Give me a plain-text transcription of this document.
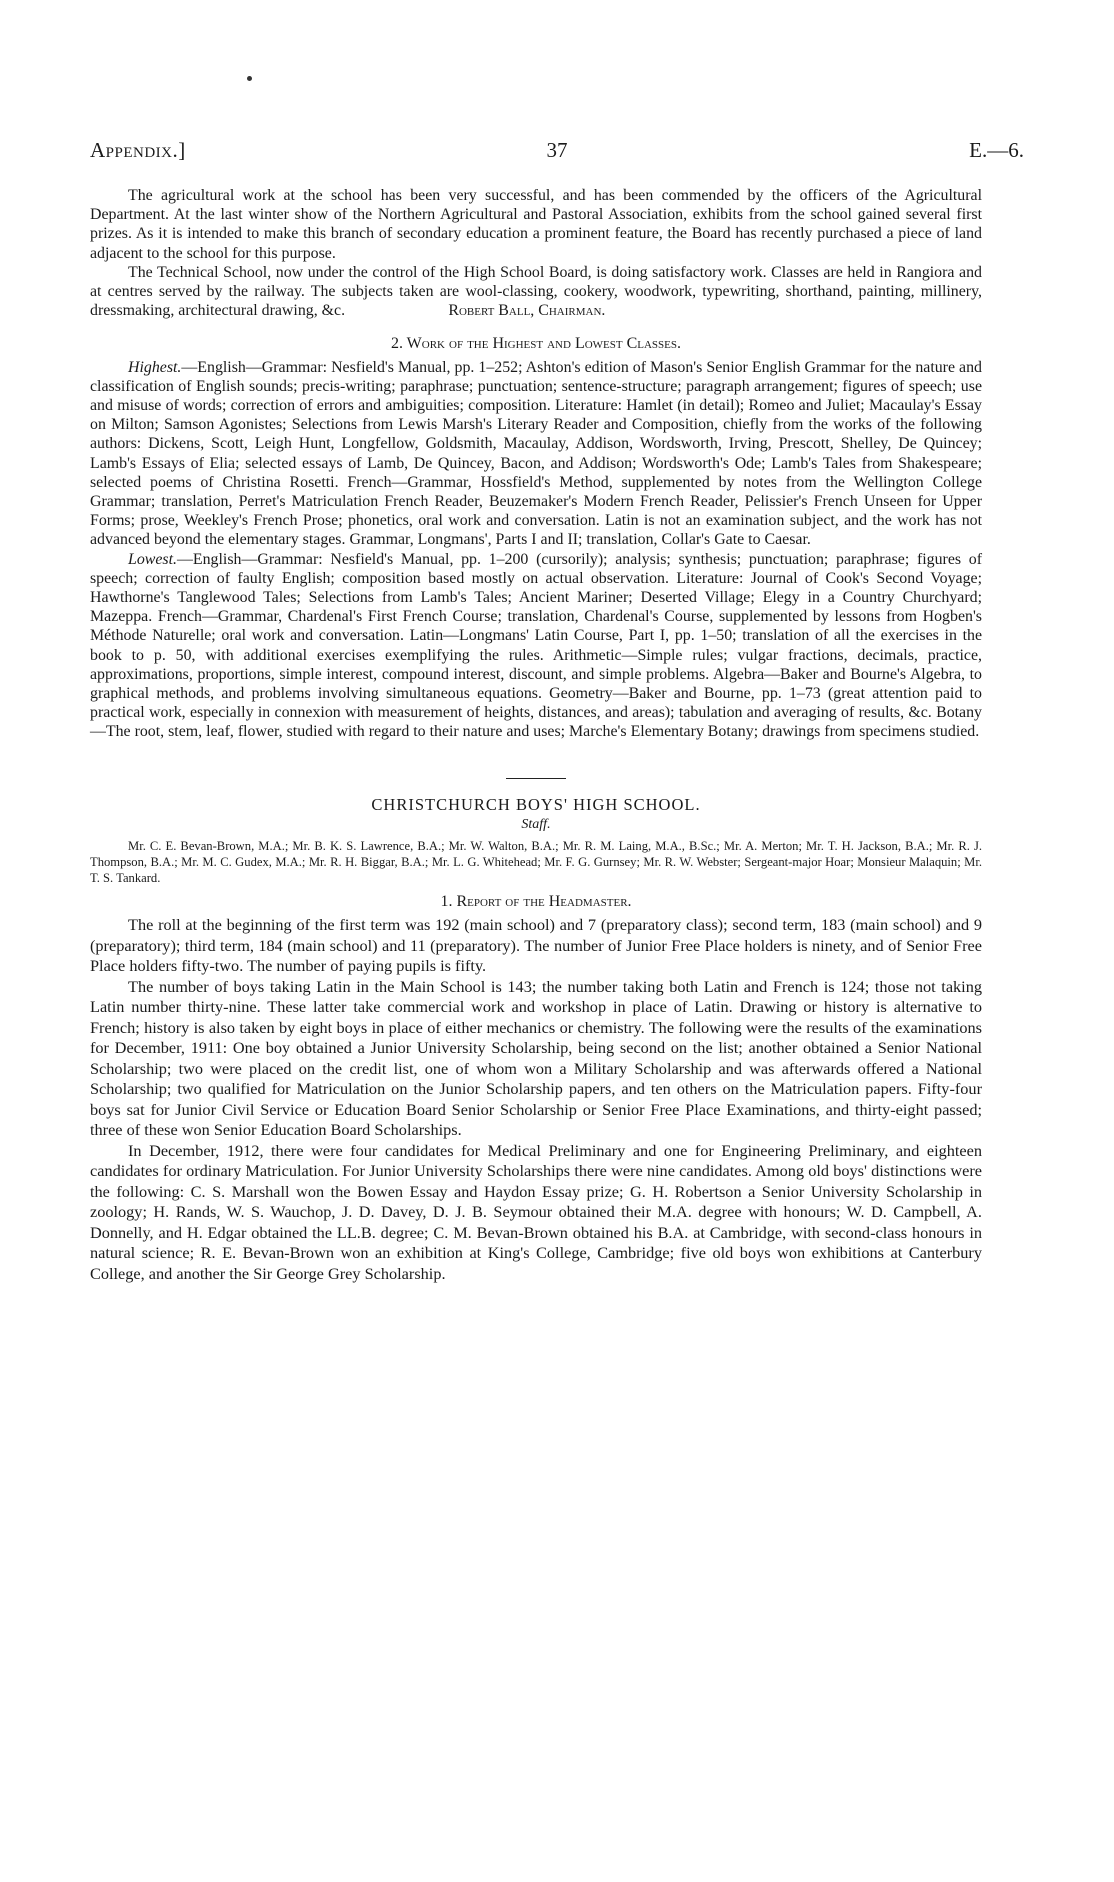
Appendix.]	37	E.—6.

The agricultural work at the school has been very successful, and has been commended by the officers of the Agricultural Department. At the last winter show of the Northern Agricultural and Pastoral Association, exhibits from the school gained several first prizes. As it is intended to make this branch of secondary education a prominent feature, the Board has recently purchased a piece of land adjacent to the school for this purpose.

The Technical School, now under the control of the High School Board, is doing satisfactory work. Classes are held in Rangiora and at centres served by the railway. The subjects taken are wool-classing, cookery, woodwork, typewriting, shorthand, painting, millinery, dressmaking, architectural drawing, &c.	Robert Ball, Chairman.

2. Work of the Highest and Lowest Classes.

Highest.—English—Grammar: Nesfield's Manual, pp. 1–252; Ashton's edition of Mason's Senior English Grammar for the nature and classification of English sounds; precis-writing; paraphrase; punctuation; sentence-structure; paragraph arrangement; figures of speech; use and misuse of words; correction of errors and ambiguities; composition. Literature: Hamlet (in detail); Romeo and Juliet; Macaulay's Essay on Milton; Samson Agonistes; Selections from Lewis Marsh's Literary Reader and Composition, chiefly from the works of the following authors: Dickens, Scott, Leigh Hunt, Longfellow, Goldsmith, Macaulay, Addison, Wordsworth, Irving, Prescott, Shelley, De Quincey; Lamb's Essays of Elia; selected essays of Lamb, De Quincey, Bacon, and Addison; Wordsworth's Ode; Lamb's Tales from Shakespeare; selected poems of Christina Rosetti. French—Grammar, Hossfield's Method, supplemented by notes from the Wellington College Grammar; translation, Perret's Matriculation French Reader, Beuzemaker's Modern French Reader, Pelissier's French Unseen for Upper Forms; prose, Weekley's French Prose; phonetics, oral work and conversation. Latin is not an examination subject, and the work has not advanced beyond the elementary stages. Grammar, Longmans', Parts I and II; translation, Collar's Gate to Caesar.

Lowest.—English—Grammar: Nesfield's Manual, pp. 1–200 (cursorily); analysis; synthesis; punctuation; paraphrase; figures of speech; correction of faulty English; composition based mostly on actual observation. Literature: Journal of Cook's Second Voyage; Hawthorne's Tanglewood Tales; Selections from Lamb's Tales; Ancient Mariner; Deserted Village; Elegy in a Country Churchyard; Mazeppa. French—Grammar, Chardenal's First French Course; translation, Chardenal's Course, supplemented by lessons from Hogben's Méthode Naturelle; oral work and conversation. Latin—Longmans' Latin Course, Part I, pp. 1–50; translation of all the exercises in the book to p. 50, with additional exercises exemplifying the rules. Arithmetic—Simple rules; vulgar fractions, decimals, practice, approximations, proportions, simple interest, compound interest, discount, and simple problems. Algebra—Baker and Bourne's Algebra, to graphical methods, and problems involving simultaneous equations. Geometry—Baker and Bourne, pp. 1–73 (great attention paid to practical work, especially in connexion with measurement of heights, distances, and areas); tabulation and averaging of results, &c. Botany—The root, stem, leaf, flower, studied with regard to their nature and uses; Marche's Elementary Botany; drawings from specimens studied.

CHRISTCHURCH BOYS' HIGH SCHOOL.
Staff.

Mr. C. E. Bevan-Brown, M.A.; Mr. B. K. S. Lawrence, B.A.; Mr. W. Walton, B.A.; Mr. R. M. Laing, M.A., B.Sc.; Mr. A. Merton; Mr. T. H. Jackson, B.A.; Mr. R. J. Thompson, B.A.; Mr. M. C. Gudex, M.A.; Mr. R. H. Biggar, B.A.; Mr. L. G. Whitehead; Mr. F. G. Gurnsey; Mr. R. W. Webster; Sergeant-major Hoar; Monsieur Malaquin; Mr. T. S. Tankard.

1. Report of the Headmaster.

The roll at the beginning of the first term was 192 (main school) and 7 (preparatory class); second term, 183 (main school) and 9 (preparatory); third term, 184 (main school) and 11 (preparatory). The number of Junior Free Place holders is ninety, and of Senior Free Place holders fifty-two. The number of paying pupils is fifty.

The number of boys taking Latin in the Main School is 143; the number taking both Latin and French is 124; those not taking Latin number thirty-nine. These latter take commercial work and workshop in place of Latin. Drawing or history is alternative to French; history is also taken by eight boys in place of either mechanics or chemistry. The following were the results of the examinations for December, 1911: One boy obtained a Junior University Scholarship, being second on the list; another obtained a Senior National Scholarship; two were placed on the credit list, one of whom won a Military Scholarship and was afterwards offered a National Scholarship; two qualified for Matriculation on the Junior Scholarship papers, and ten others on the Matriculation papers. Fifty-four boys sat for Junior Civil Service or Education Board Senior Scholarship or Senior Free Place Examinations, and thirty-eight passed; three of these won Senior Education Board Scholarships.

In December, 1912, there were four candidates for Medical Preliminary and one for Engineering Preliminary, and eighteen candidates for ordinary Matriculation. For Junior University Scholarships there were nine candidates. Among old boys' distinctions were the following: C. S. Marshall won the Bowen Essay and Haydon Essay prize; G. H. Robertson a Senior University Scholarship in zoology; H. Rands, W. S. Wauchop, J. D. Davey, D. J. B. Seymour obtained their M.A. degree with honours; W. D. Campbell, A. Donnelly, and H. Edgar obtained the LL.B. degree; C. M. Bevan-Brown obtained his B.A. at Cambridge, with second-class honours in natural science; R. E. Bevan-Brown won an exhibition at King's College, Cambridge; five old boys won exhibitions at Canterbury College, and another the Sir George Grey Scholarship.
